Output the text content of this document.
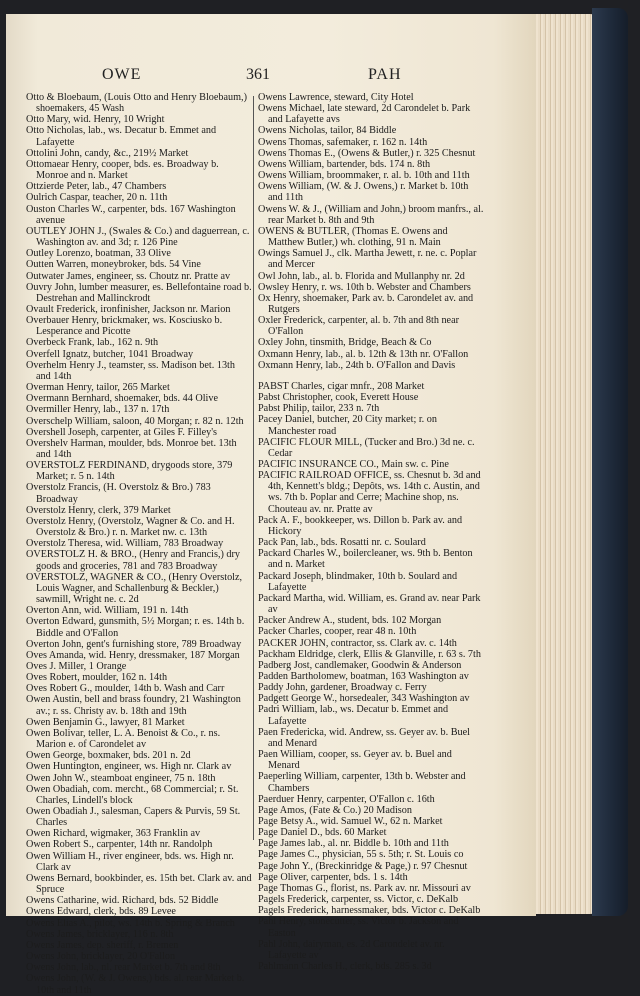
OWE	361	PAH
Otto & Bloebaum, (Louis Otto and Henry Bloebaum,) shoemakers, 45 Wash
Otto Mary, wid. Henry, 10 Wright
Otto Nicholas, lab., ws. Decatur b. Emmet and Lafayette
Ottolini John, candy, &c., 219½ Market
Ottomaear Henry, cooper, bds. es. Broadway b. Monroe and n. Market
Ottzierde Peter, lab., 47 Chambers
Oulrich Caspar, teacher, 20 n. 11th
Ouston Charles W., carpenter, bds. 167 Washington avenue
OUTLEY JOHN J., (Swales & Co.) and daguerrean, c. Washington av. and 3d; r. 126 Pine
Outley Lorenzo, boatman, 33 Olive
Outten Warren, moneybroker, bds. 54 Vine
Outwater James, engineer, ss. Choutz nr. Pratte av
Ouvry John, lumber measurer, es. Bellefontaine road b. Destrehan and Mallinckrodt
Ovault Frederick, ironfinisher, Jackson nr. Marion
Overbauer Henry, brickmaker, ws. Kosciusko b. Lesperance and Picotte
Overbeck Frank, lab., 162 n. 9th
Overfell Ignatz, butcher, 1041 Broadway
Overhelm Henry J., teamster, ss. Madison bet. 13th and 14th
Overman Henry, tailor, 265 Market
Overmann Bernhard, shoemaker, bds. 44 Olive
Overmiller Henry, lab., 137 n. 17th
Overschelp William, saloon, 40 Morgan; r. 82 n. 12th
Overshell Joseph, carpenter, at Giles F. Filley's
Overshelv Harman, moulder, bds. Monroe bet. 13th and 14th
OVERSTOLZ FERDINAND, drygoods store, 379 Market; r. 5 n. 14th
Overstolz Francis, (H. Overstolz & Bro.) 783 Broadway
Overstolz Henry, clerk, 379 Market
Overstolz Henry, (Overstolz, Wagner & Co. and H. Overstolz & Bro.) r. n. Market nw. c. 13th
Overstolz Theresa, wid. William, 783 Broadway
OVERSTOLZ H. & BRO., (Henry and Francis,) dry goods and groceries, 781 and 783 Broadway
OVERSTOLZ, WAGNER & CO., (Henry Overstolz, Louis Wagner, and Schallenburg & Beckler,) sawmill, Wright ne. c. 2d
Overton Ann, wid. William, 191 n. 14th
Overton Edward, gunsmith, 5½ Morgan; r. es. 14th b. Biddle and O'Fallon
Overton John, gent's furnishing store, 789 Broadway
Oves Amanda, wid. Henry, dressmaker, 187 Morgan
Oves J. Miller, 1 Orange
Oves Robert, moulder, 162 n. 14th
Oves Robert G., moulder, 14th b. Wash and Carr
Owen Austin, bell and brass foundry, 21 Washington av.; r. ss. Christy av. b. 18th and 19th
Owen Benjamin G., lawyer, 81 Market
Owen Bolivar, teller, L. A. Benoist & Co., r. ns. Marion e. of Carondelet av
Owen George, boxmaker, bds. 201 n. 2d
Owen Huntington, engineer, ws. High nr. Clark av
Owen John W., steamboat engineer, 75 n. 18th
Owen Obadiah, com. mercht., 68 Commercial; r. St. Charles, Lindell's block
Owen Obadiah J., salesman, Capers & Purvis, 59 St. Charles
Owen Richard, wigmaker, 363 Franklin av
Owen Robert S., carpenter, 14th nr. Randolph
Owen William H., river engineer, bds. ws. High nr. Clark av
Owens Bernard, bookbinder, es. 15th bet. Clark av. and Spruce
Owens Catharine, wid. Richard, bds. 52 Biddle
Owens Edward, clerk, bds. 89 Levee
Owens Elias A., pilot, ws. 14th b. Spring & Branch
Owens James, bricklayer, 116 n. 8th
Owens James, dep. sheriff, r. Bremen
Owens John, bricklayer, 20 O'Fallon
Owens John, lab., nl. rear Market b. 7th and 8th
Owens John, (W. & J. Owens,) bds. al. rear Market b. 10th and 11th
Owens Lawrence, steward, City Hotel
Owens Michael, late steward, 2d Carondelet b. Park and Lafayette avs
Owens Nicholas, tailor, 84 Biddle
Owens Thomas, safemaker, r. 162 n. 14th
Owens Thomas E., (Owens & Butler,) r. 325 Chesnut
Owens William, bartender, bds. 174 n. 8th
Owens William, broommaker, r. al. b. 10th and 11th
Owens William, (W. & J. Owens,) r. Market b. 10th and 11th
Owens W. & J., (William and John,) broom manfrs., al. rear Market b. 8th and 9th
OWENS & BUTLER, (Thomas E. Owens and Matthew Butler,) wh. clothing, 91 n. Main
Owings Samuel J., clk. Martha Jewett, r. ne. c. Poplar and Mercer
Owl John, lab., al. b. Florida and Mullanphy nr. 2d
Owsley Henry, r. ws. 10th b. Webster and Chambers
Ox Henry, shoemaker, Park av. b. Carondelet av. and Rutgers
Oxler Frederick, carpenter, al. b. 7th and 8th near O'Fallon
Oxley John, tinsmith, Bridge, Beach & Co
Oxmann Henry, lab., al. b. 12th & 13th nr. O'Fallon
Oxmann Henry, lab., 24th b. O'Fallon and Davis
PABST Charles, cigar mnfr., 208 Market
Pabst Christopher, cook, Everett House
Pabst Philip, tailor, 233 n. 7th
Pacey Daniel, butcher, 20 City market; r. on Manchester road
PACIFIC FLOUR MILL, (Tucker and Bro.) 3d ne. c. Cedar
PACIFIC INSURANCE CO., Main sw. c. Pine
PACIFIC RAILROAD OFFICE, ss. Chesnut b. 3d and 4th, Kennett's bldg.; Depôts, ws. 14th c. Austin, and ws. 7th b. Poplar and Cerre; Machine shop, ns. Chouteau av. nr. Pratte av
Pack A. F., bookkeeper, ws. Dillon b. Park av. and Hickory
Pack Pan, lab., bds. Rosatti nr. c. Soulard
Packard Charles W., boilercleaner, ws. 9th b. Benton and n. Market
Packard Joseph, blindmaker, 10th b. Soulard and Lafayette
Packard Martha, wid. William, es. Grand av. near Park av
Packer Andrew A., student, bds. 102 Morgan
Packer Charles, cooper, rear 48 n. 10th
PACKER JOHN, contractor, ss. Clark av. c. 14th
Packham Eldridge, clerk, Ellis & Glanville, r. 63 s. 7th
Padberg Jost, candlemaker, Goodwin & Anderson
Padden Bartholomew, boatman, 163 Washington av
Paddy John, gardener, Broadway c. Ferry
Padgett George W., horsedealer, 343 Washington av
Padri William, lab., ws. Decatur b. Emmet and Lafayette
Paen Fredericka, wid. Andrew, ss. Geyer av. b. Buel and Menard
Paen William, cooper, ss. Geyer av. b. Buel and Menard
Paeperling William, carpenter, 13th b. Webster and Chambers
Paerduer Henry, carpenter, O'Fallon c. 16th
Page Amos, (Fate & Co.) 20 Madison
Page Betsy A., wid. Samuel W., 62 n. Market
Page Daniel D., bds. 60 Market
Page James lab., al. nr. Biddle b. 10th and 11th
Page James C., physician, 55 s. 5th; r. St. Louis co
Page John Y., (Breckinridge & Page,) r. 97 Chesnut
Page Oliver, carpenter, bds. 1 s. 14th
Page Thomas G., florist, ns. Park av. nr. Missouri av
Pagels Frederick, carpenter, ss. Victor, c. DeKalb
Pagels Frederick, harnessmaker, bds. Victor c. DeKalb
Pahl Henry, stonecutter, ss. Victor b. Jackson and Easton
Pahl John, dairyman, es. 2d Carondelet av. nr. Lafayette av
Pahlmann Charles H., clerk, bds. 285 s. 3d
